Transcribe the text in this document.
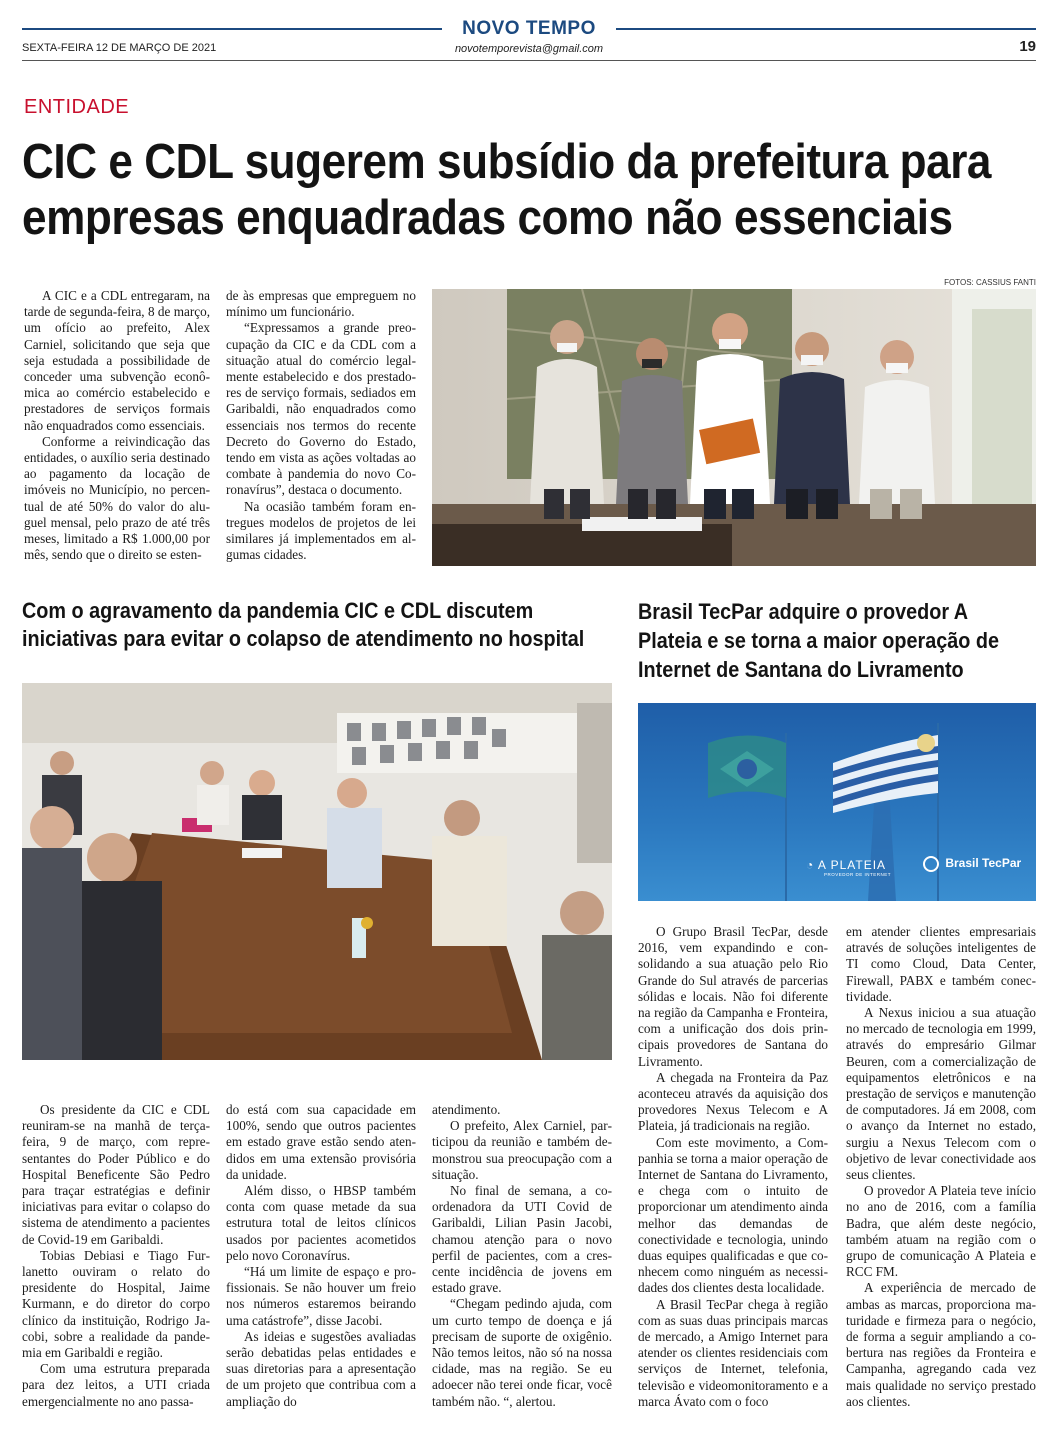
NOVO TEMPO
SEXTA-FEIRA 12 DE MARÇO DE 2021	novotemporevista@gmail.com	19
ENTIDADE
CIC e CDL sugerem subsídio da prefeitura para
empresas enquadradas como não essenciais
FOTOS: CASSIUS FANTI

A CIC e a CDL entregaram, na tarde de segunda-feira, 8 de março, um ofício ao prefeito, Alex Carniel, solicitando que seja que seja estudada a possibilidade de conceder uma subvenção econômica ao comércio estabelecido e prestadores de serviços formais não enquadrados como essenciais.

Conforme a reivindicação das entidades, o auxílio seria destinado ao pagamento da locação de imóveis no Município, no percentual de até 50% do valor do aluguel mensal, pelo prazo de até três meses, limitado a R$ 1.000,00 por mês, sendo que o direito se esten-

de às empresas que empreguem no mínimo um funcionário.

“Expressamos a grande preocupação da CIC e da CDL com a situação atual do comércio legalmente estabelecido e dos prestadores de serviço formais, sediados em Garibaldi, não enquadrados como essenciais nos termos do recente Decreto do Governo do Estado, tendo em vista as ações voltadas ao combate à pandemia do novo Coronavírus”, destaca o documento.

Na ocasião também foram entregues modelos de projetos de lei similares já implementados em algumas cidades.

Com o agravamento da pandemia CIC e CDL discutem
iniciativas para evitar o colapso de atendimento no hospital

Os presidente da CIC e CDL reuniram-se na manhã de terça-feira, 9 de março, com representantes do Poder Público e do Hospital Beneficente São Pedro para traçar estratégias e definir iniciativas para evitar o colapso do sistema de atendimento a pacientes de Covid-19 em Garibaldi.

Tobias Debiasi e Tiago Furlanetto ouviram o relato do presidente do Hospital, Jaime Kurmann, e do diretor do corpo clínico da instituição, Rodrigo Jacobi, sobre a realidade da pandemia em Garibaldi e região.

Com uma estrutura preparada para dez leitos, a UTI criada emergencialmente no ano passa-

do está com sua capacidade em 100%, sendo que outros pacientes em estado grave estão sendo atendidos em uma extensão provisória da unidade.

Além disso, o HBSP também conta com quase metade da sua estrutura total de leitos clínicos usados por pacientes acometidos pelo novo Coronavírus.

“Há um limite de espaço e profissionais. Se não houver um freio nos números estaremos beirando uma catástrofe”, disse Jacobi.

As ideias e sugestões avaliadas serão debatidas pelas entidades e suas diretorias para a apresentação de um projeto que contribua com a ampliação do

atendimento.

O prefeito, Alex Carniel, participou da reunião e também demonstrou sua preocupação com a situação.

No final de semana, a coordenadora da UTI Covid de Garibaldi, Lilian Pasin Jacobi, chamou atenção para o novo perfil de pacientes, com a crescente incidência de jovens em estado grave.

“Chegam pedindo ajuda, com um curto tempo de doença e já precisam de suporte de oxigênio. Não temos leitos, não só na nossa cidade, mas na região. Se eu adoecer não terei onde ficar, você também não. “, alertou.

Brasil TecPar adquire o provedor A
Plateia e se torna a maior operação de
Internet de Santana do Livramento
◔ A PLATEIA
PROVEDOR DE INTERNET
Brasil TecPar

O Grupo Brasil TecPar, desde 2016, vem expandindo e consolidando a sua atuação pelo Rio Grande do Sul através de parcerias sólidas e locais. Não foi diferente na região da Campanha e Fronteira, com a unificação dos dois principais provedores de Santana do Livramento.

A chegada na Fronteira da Paz aconteceu através da aquisição dos provedores Nexus Telecom e A Plateia, já tradicionais na região.

Com este movimento, a Companhia se torna a maior operação de Internet de Santana do Livramento, e chega com o intuito de proporcionar um atendimento ainda melhor das demandas de conectividade e tecnologia, unindo duas equipes qualificadas e que conhecem como ninguém as necessidades dos clientes desta localidade.

A Brasil TecPar chega à região com as suas duas principais marcas de mercado, a Amigo Internet para atender os clientes residenciais com serviços de Internet, telefonia, televisão e videomonitoramento e a marca Ávato com o foco

em atender clientes empresariais através de soluções inteligentes de TI como Cloud, Data Center, Firewall, PABX e também conectividade.

A Nexus iniciou a sua atuação no mercado de tecnologia em 1999, através do empresário Gilmar Beuren, com a comercialização de equipamentos eletrônicos e na prestação de serviços e manutenção de computadores. Já em 2008, com o avanço da Internet no estado, surgiu a Nexus Telecom com o objetivo de levar conectividade aos seus clientes.

O provedor A Plateia teve início no ano de 2016, com a família Badra, que além deste negócio, também atuam na região com o grupo de comunicação A Plateia e RCC FM.

A experiência de mercado de ambas as marcas, proporciona maturidade e firmeza para o negócio, de forma a seguir ampliando a cobertura nas regiões da Fronteira e Campanha, agregando cada vez mais qualidade no serviço prestado aos clientes.
